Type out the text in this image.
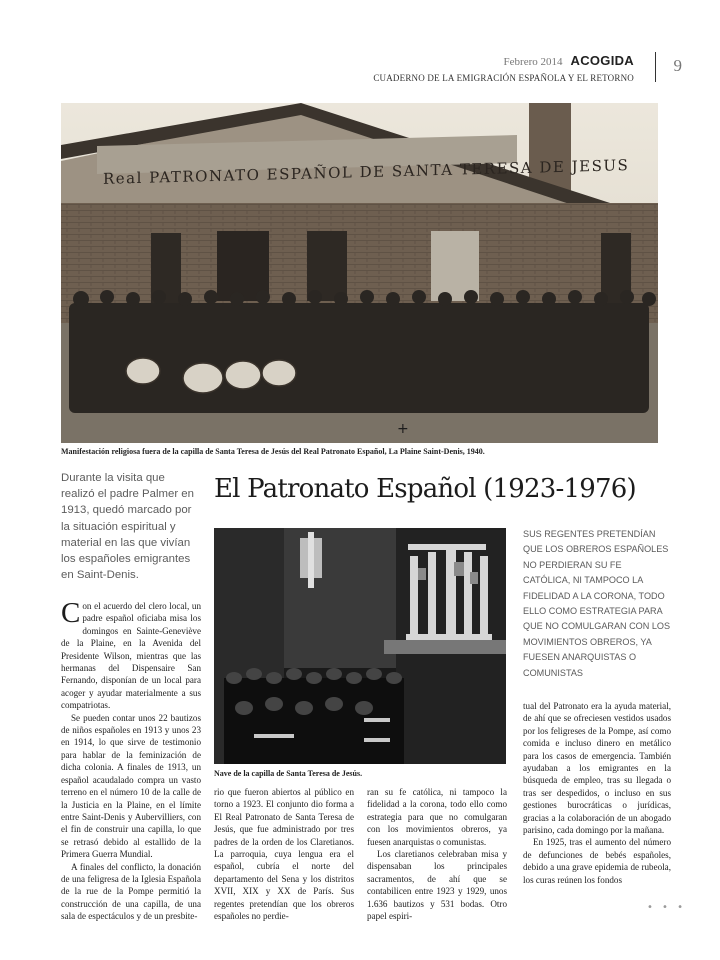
Febrero 2014 ACOGIDA
CUADERNO DE LA EMIGRACIÓN ESPAÑOLA Y EL RETORNO
9
Real PATRONATO ESPAÑOL DE SANTA TERESA DE JESUS
+
Manifestación religiosa fuera de la capilla de Santa Teresa de Jesús del Real Patronato Español, La Plaine Saint-Denis, 1940.
Durante la visita que realizó el padre Palmer en 1913, quedó marcado por la situación espiritual y material en las que vivían los españoles emigrantes en Saint-Denis.
El Patronato Español (1923-1976)
Nave de la capilla de Santa Teresa de Jesús.
SUS REGENTES PRETENDÍAN QUE LOS OBREROS ESPAÑOLES NO PERDIERAN SU FE CATÓLICA, NI TAMPOCO LA FIDELIDAD A LA CORONA, TODO ELLO COMO ESTRATEGIA PARA QUE NO COMULGARAN CON LOS MOVIMIENTOS OBREROS, YA FUESEN ANARQUISTAS O COMUNISTAS

Con el acuerdo del clero local, un padre español oficiaba misa los domingos en Sainte-Geneviève de la Plaine, en la Avenida del Presidente Wilson, mientras que las hermanas del Dispensaire San Fernando, disponían de un local para acoger y ayudar materialmente a sus compatriotas.

Se pueden contar unos 22 bautizos de niños españoles en 1913 y unos 23 en 1914, lo que sirve de testimonio para hablar de la feminización de dicha colonia. A finales de 1913, un español acaudalado compra un vasto terreno en el número 10 de la calle de la Justicia en la Plaine, en el límite entre Saint-Denis y Aubervilliers, con el fin de construir una capilla, lo que se retrasó debido al estallido de la Primera Guerra Mundial.

A finales del conflicto, la donación de una feligresa de la Iglesia Española de la rue de la Pompe permitió la construcción de una capilla, de una sala de espectáculos y de un presbite-

rio que fueron abiertos al público en torno a 1923. El conjunto dio forma a El Real Patronato de Santa Teresa de Jesús, que fue administrado por tres padres de la orden de los Claretianos. La parroquia, cuya lengua era el español, cubría el norte del departamento del Sena y los distritos XVII, XIX y XX de París. Sus regentes pretendían que los obreros españoles no perdie-

ran su fe católica, ni tampoco la fidelidad a la corona, todo ello como estrategia para que no comulgaran con los movimientos obreros, ya fuesen anarquistas o comunistas.

Los claretianos celebraban misa y dispensaban los principales sacramentos, de ahí que se contabilicen entre 1923 y 1929, unos 1.636 bautizos y 531 bodas. Otro papel espiri-

tual del Patronato era la ayuda material, de ahí que se ofreciesen vestidos usados por los feligreses de la Pompe, así como comida e incluso dinero en metálico para los casos de emergencia. También ayudaban a los emigrantes en la búsqueda de empleo, tras su llegada o tras ser despedidos, o incluso en sus gestiones burocráticas o jurídicas, gracias a la colaboración de un abogado parisino, cada domingo por la mañana.

En 1925, tras el aumento del número de defunciones de bebés españoles, debido a una grave epidemia de rubeola, los curas reúnen los fondos

• • •
